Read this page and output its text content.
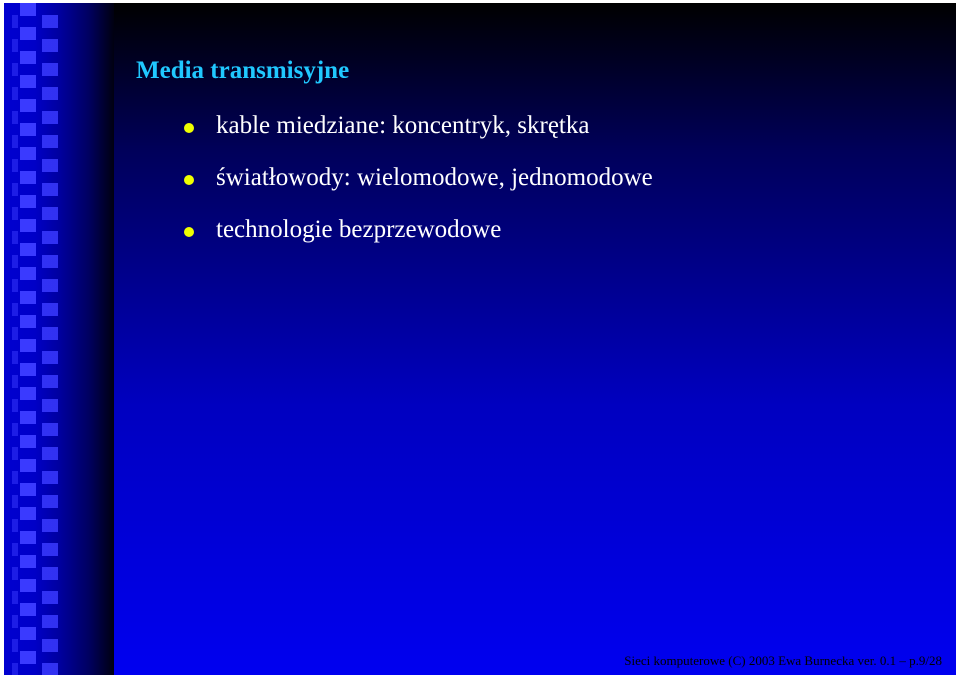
Media transmisyjne
kable miedziane: koncentryk, skrętka
światłowody: wielomodowe, jednomodowe
technologie bezprzewodowe
Sieci komputerowe (C) 2003 Ewa Burnecka ver. 0.1 – p.9/28
